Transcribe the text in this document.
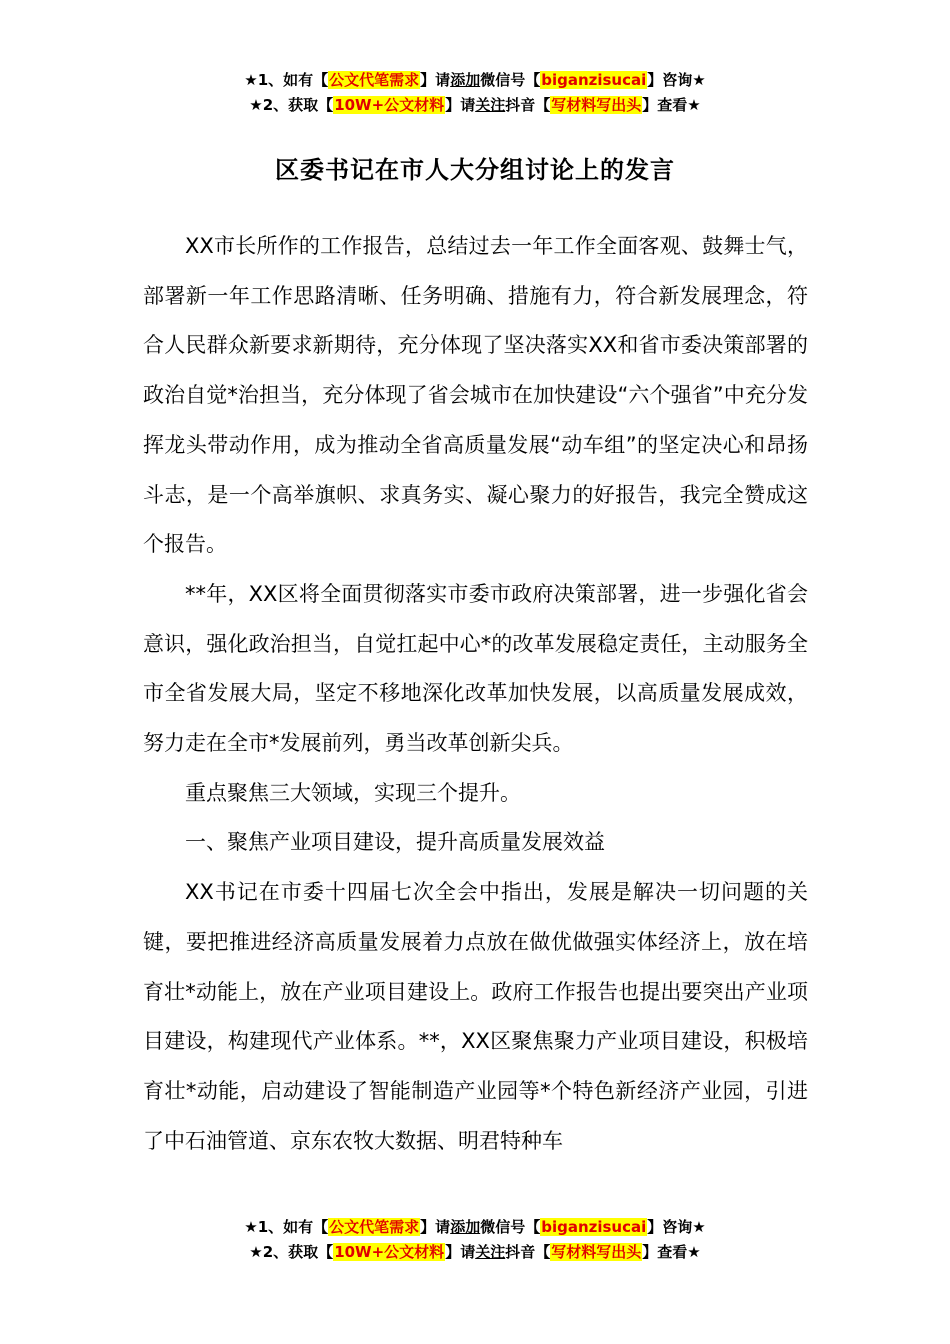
★1、如有【公文代笔需求】请添加微信号【biganzisucai】咨询★
★2、获取【10W+公文材料】请关注抖音【写材料写出头】查看★
区委书记在市人大分组讨论上的发言

XX市长所作的工作报告，总结过去一年工作全面客观、鼓舞士气，部署新一年工作思路清晰、任务明确、措施有力，符合新发展理念，符合人民群众新要求新期待，充分体现了坚决落实XX和省市委决策部署的政治自觉*治担当，充分体现了省会城市在加快建设“六个强省”中充分发挥龙头带动作用，成为推动全省高质量发展“动车组”的坚定决心和昂扬斗志，是一个高举旗帜、求真务实、凝心聚力的好报告，我完全赞成这个报告。

**年，XX区将全面贯彻落实市委市政府决策部署，进一步强化省会意识，强化政治担当，自觉扛起中心*的改革发展稳定责任，主动服务全市全省发展大局，坚定不移地深化改革加快发展，以高质量发展成效，努力走在全市*发展前列，勇当改革创新尖兵。

重点聚焦三大领域，实现三个提升。

一、聚焦产业项目建设，提升高质量发展效益

XX书记在市委十四届七次全会中指出，发展是解决一切问题的关键，要把推进经济高质量发展着力点放在做优做强实体经济上，放在培育壮*动能上，放在产业项目建设上。政府工作报告也提出要突出产业项目建设，构建现代产业体系。**，XX区聚焦聚力产业项目建设，积极培育壮*动能，启动建设了智能制造产业园等*个特色新经济产业园，引进了中石油管道、京东农牧大数据、明君特种车

★1、如有【公文代笔需求】请添加微信号【biganzisucai】咨询★
★2、获取【10W+公文材料】请关注抖音【写材料写出头】查看★
